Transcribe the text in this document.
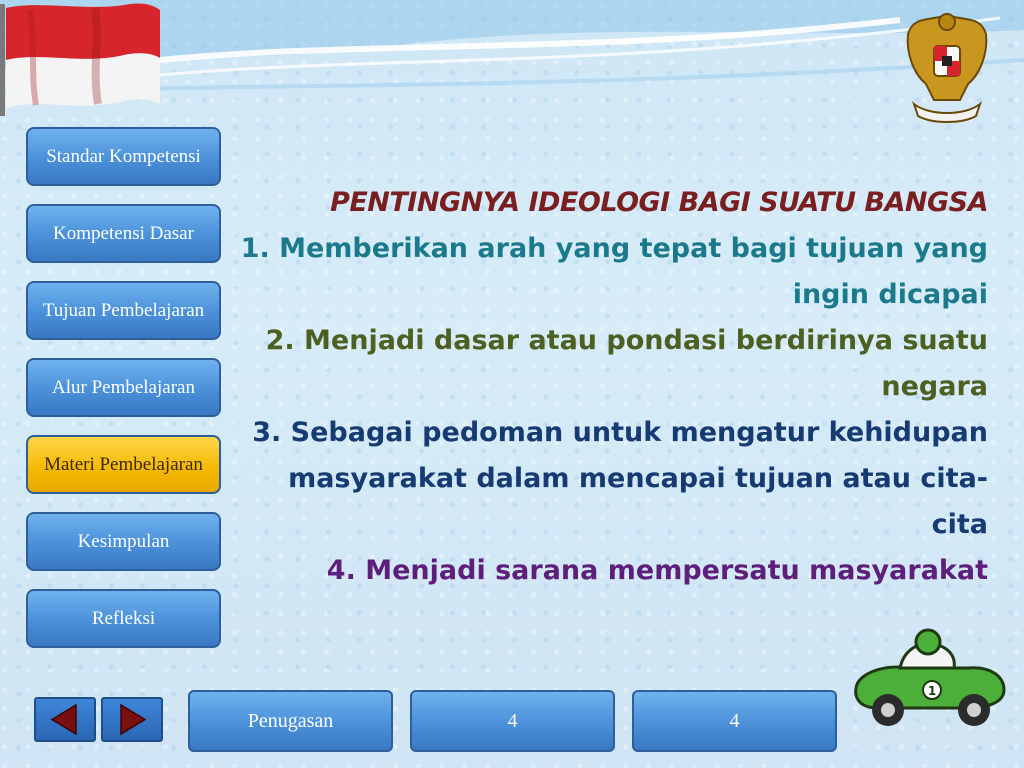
Standar Kompetensi
Kompetensi Dasar
Tujuan Pembelajaran
Alur Pembelajaran
Materi Pembelajaran
Kesimpulan
Refleksi
PENTINGNYA IDEOLOGI BAGI SUATU BANGSA
1. Memberikan arah yang tepat bagi tujuan yang ingin dicapai
2. Menjadi dasar atau pondasi berdirinya suatu negara
3. Sebagai pedoman untuk mengatur kehidupan masyarakat dalam mencapai tujuan atau cita-cita
4. Menjadi sarana mempersatu masyarakat
Penugasan	4	4
1
